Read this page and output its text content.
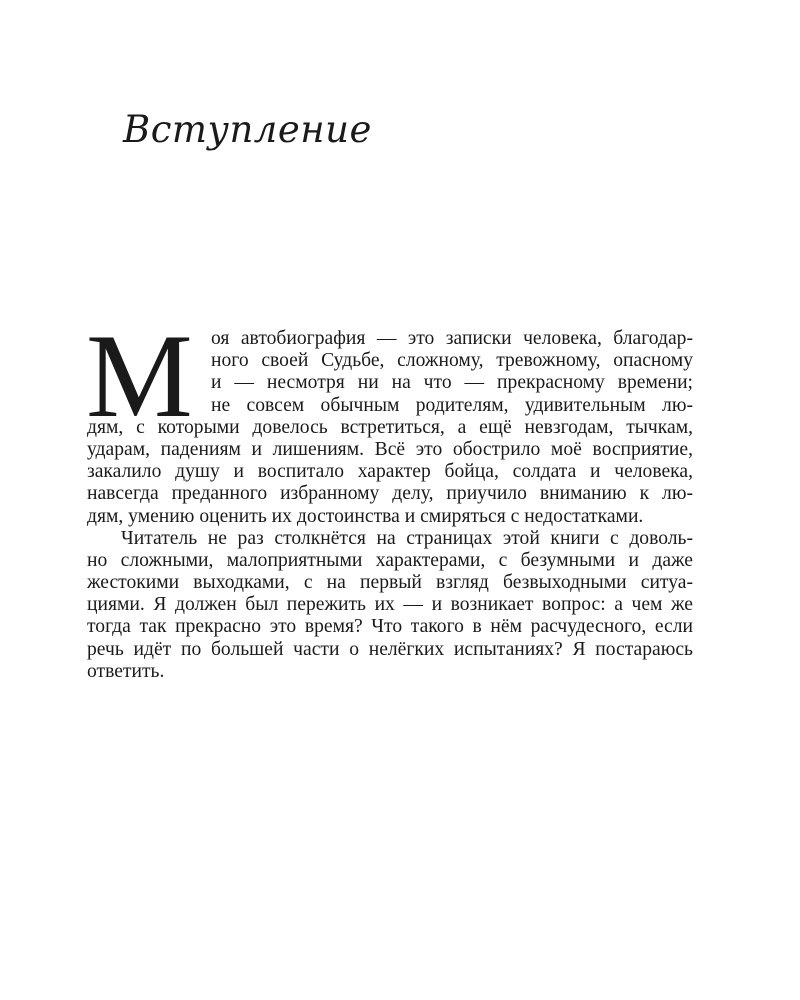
Вступление
М оя автобиография — это записки человека, благодар-
ного своей Судьбе, сложному, тревожному, опасному
и — несмотря ни на что — прекрасному времени;
не совсем обычным родителям, удивительным лю-
дям, с которыми довелось встретиться, а ещё невзгодам, тычкам,
ударам, падениям и лишениям. Всё это обострило моё восприятие,
закалило душу и воспитало характер бойца, солдата и человека,
навсегда преданного избранному делу, приучило вниманию к лю-
дям, умению оценить их достоинства и смиряться с недостатками.
Читатель не раз столкнётся на страницах этой книги с доволь-
но сложными, малоприятными характерами, с безумными и даже
жестокими выходками, с на первый взгляд безвыходными ситуа-
циями. Я должен был пережить их — и возникает вопрос: а чем же
тогда так прекрасно это время? Что такого в нём расчудесного, если
речь идёт по большей части о нелёгких испытаниях? Я постараюсь
ответить.
